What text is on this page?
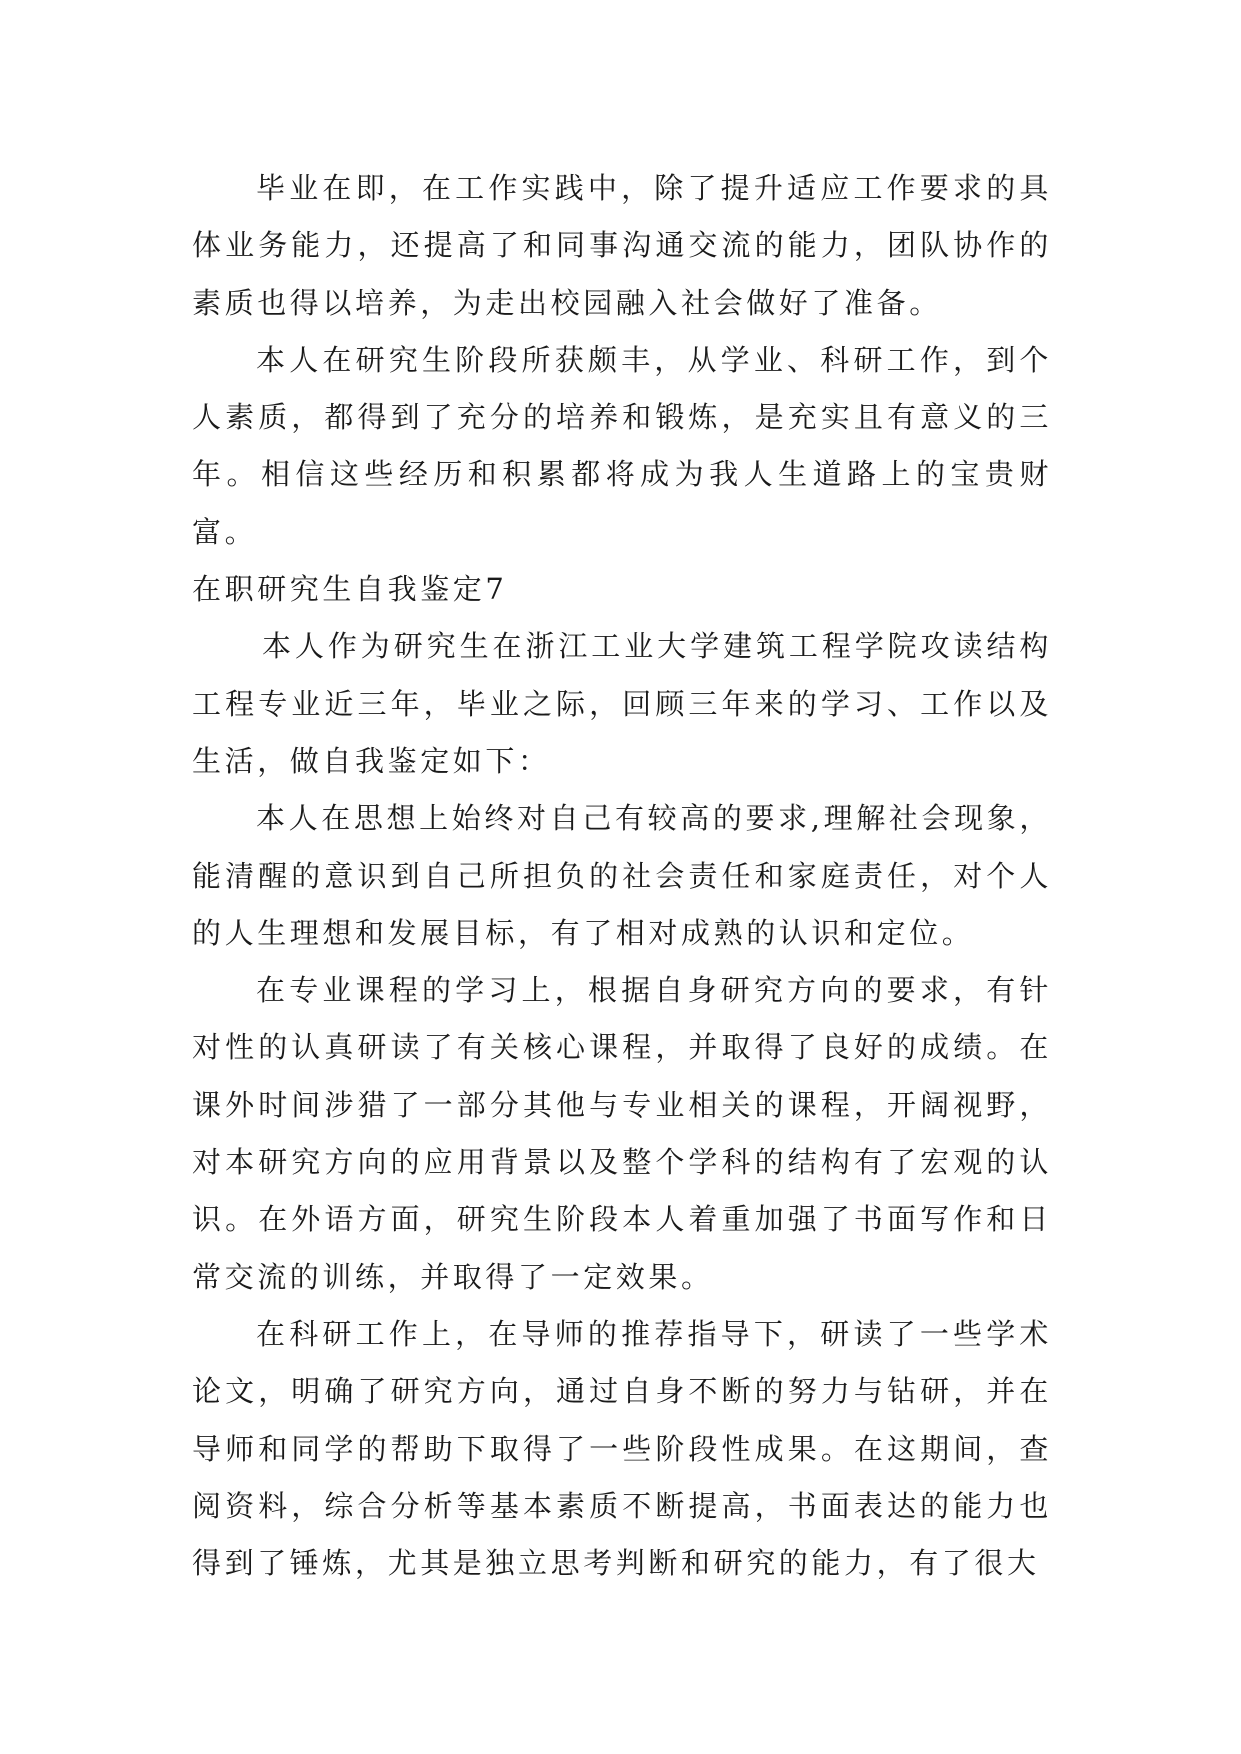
毕业在即，在工作实践中，除了提升适应工作要求的具体业务能力，还提高了和同事沟通交流的能力，团队协作的素质也得以培养，为走出校园融入社会做好了准备。

本人在研究生阶段所获颇丰，从学业、科研工作，到个人素质，都得到了充分的培养和锻炼，是充实且有意义的三年。相信这些经历和积累都将成为我人生道路上的宝贵财富。

在职研究生自我鉴定7

本人作为研究生在浙江工业大学建筑工程学院攻读结构工程专业近三年，毕业之际，回顾三年来的学习、工作以及生活，做自我鉴定如下：

本人在思想上始终对自己有较高的要求,理解社会现象，能清醒的意识到自己所担负的社会责任和家庭责任，对个人的人生理想和发展目标，有了相对成熟的认识和定位。

在专业课程的学习上，根据自身研究方向的要求，有针对性的认真研读了有关核心课程，并取得了良好的成绩。在课外时间涉猎了一部分其他与专业相关的课程，开阔视野，对本研究方向的应用背景以及整个学科的结构有了宏观的认识。在外语方面，研究生阶段本人着重加强了书面写作和日常交流的训练，并取得了一定效果。

在科研工作上，在导师的推荐指导下，研读了一些学术论文，明确了研究方向，通过自身不断的努力与钻研，并在导师和同学的帮助下取得了一些阶段性成果。在这期间，查阅资料，综合分析等基本素质不断提高，书面表达的能力也得到了锤炼，尤其是独立思考判断和研究的能力，有了很大
